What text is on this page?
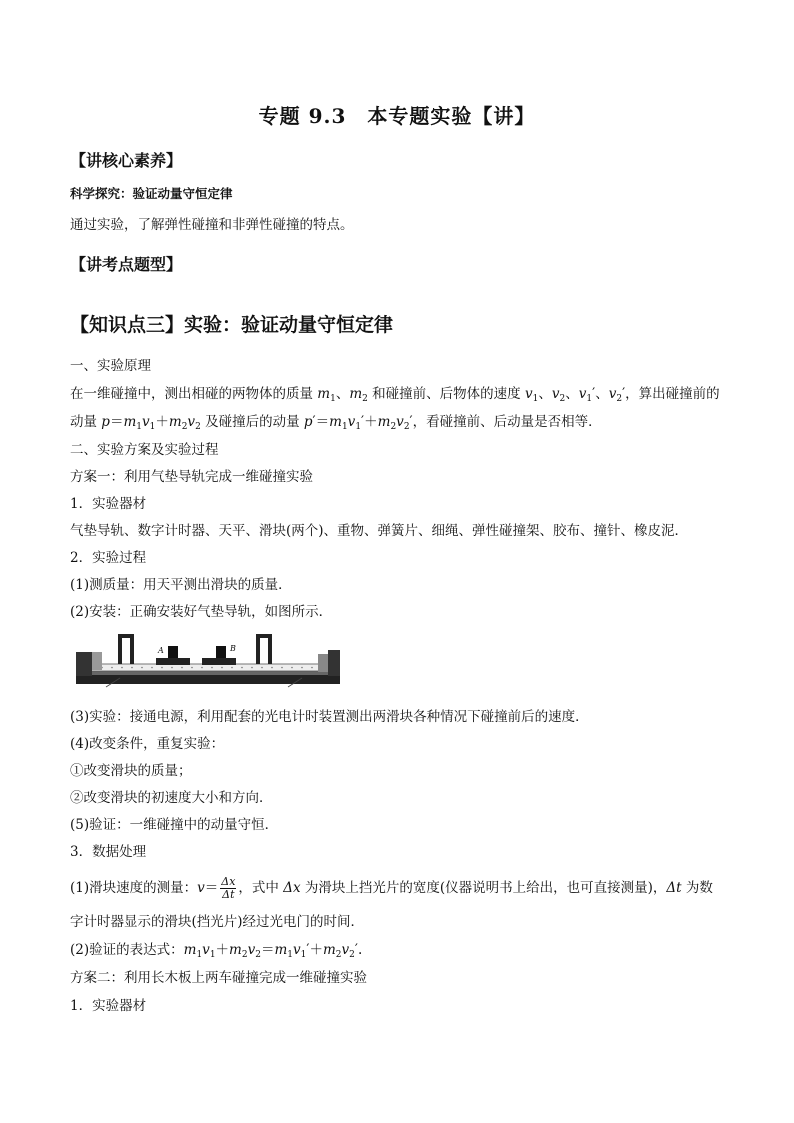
专题 9.3　本专题实验【讲】
【讲核心素养】
科学探究：验证动量守恒定律
通过实验，了解弹性碰撞和非弹性碰撞的特点。
【讲考点题型】
【知识点三】实验：验证动量守恒定律
一、实验原理
在一维碰撞中，测出相碰的两物体的质量 $m_1$、$m_2$ 和碰撞前、后物体的速度 $v_1$、$v_2$、$v_1'$、$v_2'$，算出碰撞前的
动量 $p=m_1v_1+m_2v_2$ 及碰撞后的动量 $p'=m_1v_1'+m_2v_2'$，看碰撞前、后动量是否相等．
二、实验方案及实验过程
方案一：利用气垫导轨完成一维碰撞实验
1．实验器材
气垫导轨、数字计时器、天平、滑块(两个)、重物、弹簧片、细绳、弹性碰撞架、胶布、撞针、橡皮泥．
2．实验过程
(1)测质量：用天平测出滑块的质量．
(2)安装：正确安装好气垫导轨，如图所示．
A	B
(3)实验：接通电源，利用配套的光电计时装置测出两滑块各种情况下碰撞前后的速度．
(4)改变条件，重复实验：
①改变滑块的质量；
②改变滑块的初速度大小和方向．
(5)验证：一维碰撞中的动量守恒．
3．数据处理
(1)滑块速度的测量：$v= \frac{\Delta x}{\Delta t}$ ，式中 Δx 为滑块上挡光片的宽度(仪器说明书上给出，也可直接测量)，Δt 为数
字计时器显示的滑块(挡光片)经过光电门的时间．
(2)验证的表达式：$m_1v_1+m_2v_2=m_1v_1'+m_2v_2'$.
方案二：利用长木板上两车碰撞完成一维碰撞实验
1．实验器材
